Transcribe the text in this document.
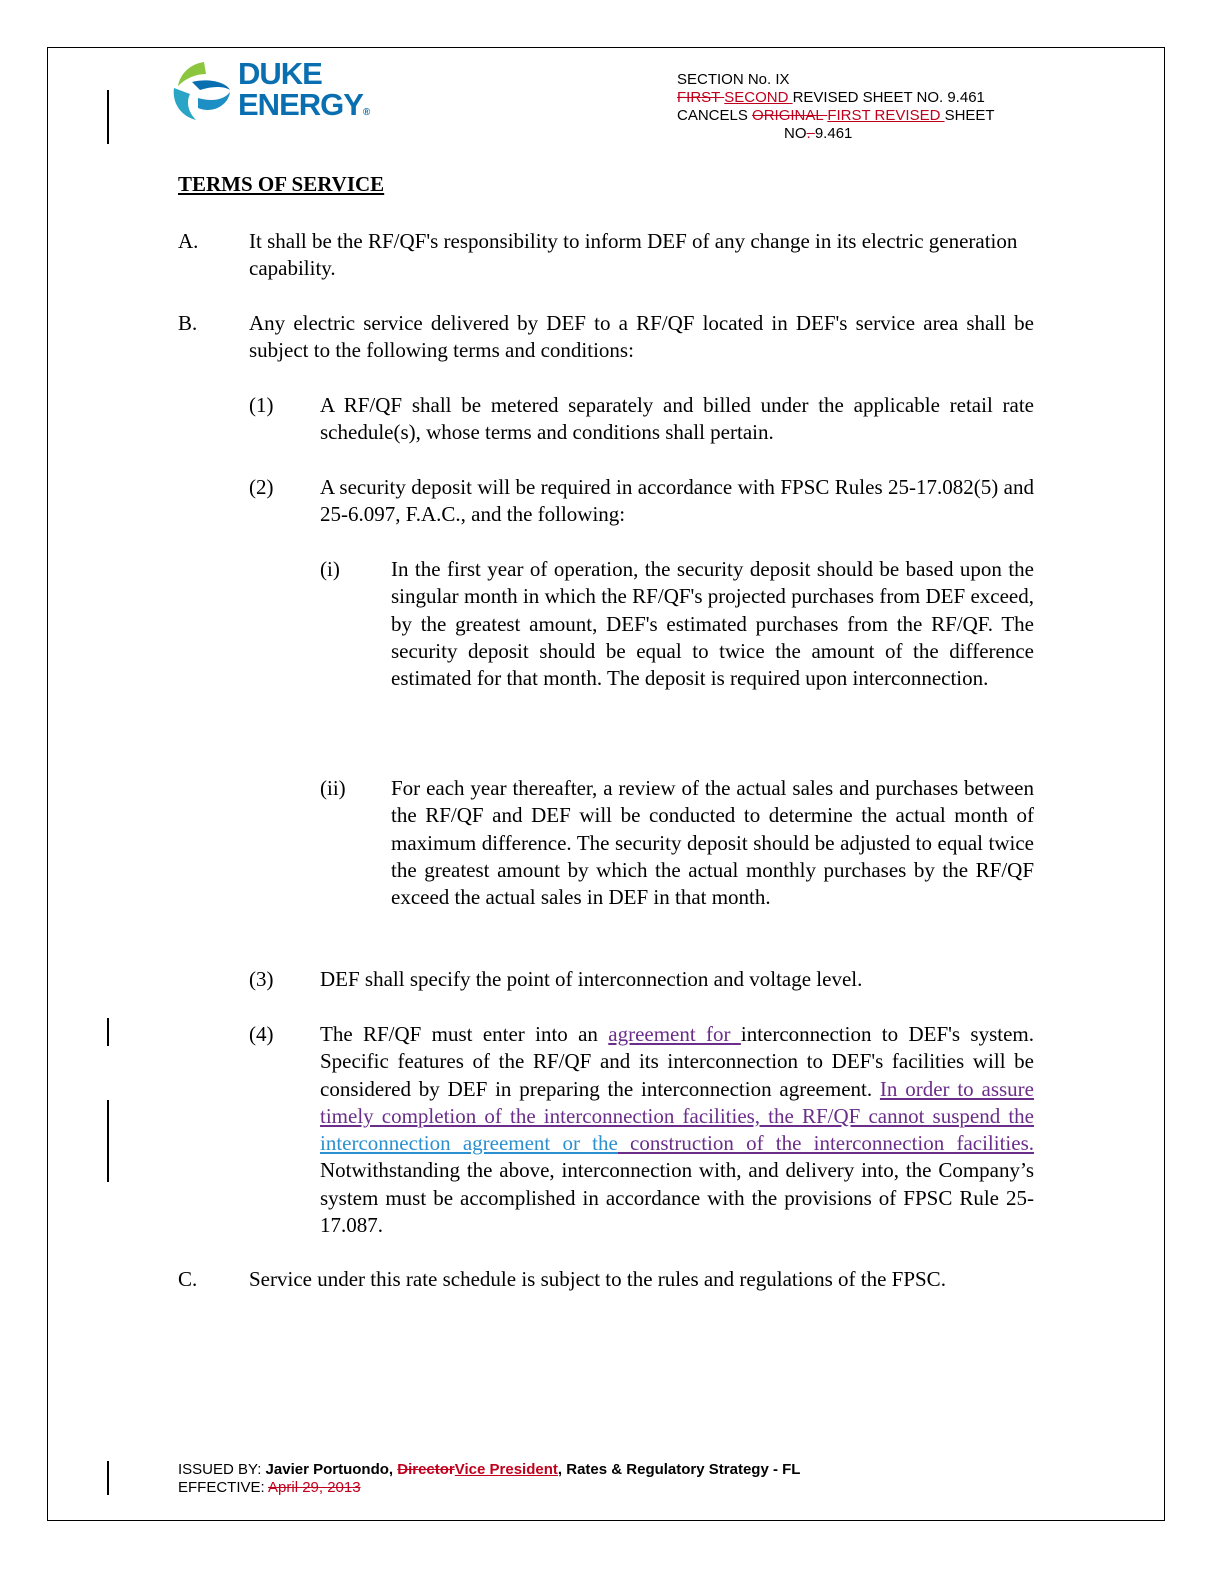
DUKE
ENERGY®
SECTION No. IX
FIRST SECOND REVISED SHEET NO. 9.461
CANCELS ORIGINAL FIRST REVISED SHEET
NO. 9.461
TERMS OF SERVICE
A. It shall be the RF/QF's responsibility to inform DEF of any change in its electric generation capability.
B. Any electric service delivered by DEF to a RF/QF located in DEF's service area shall be subject to the following terms and conditions:
(1) A RF/QF shall be metered separately and billed under the applicable retail rate schedule(s), whose terms and conditions shall pertain.
(2) A security deposit will be required in accordance with FPSC Rules 25-17.082(5) and 25-6.097, F.A.C., and the following:
(i) In the first year of operation, the security deposit should be based upon the singular month in which the RF/QF's projected purchases from DEF exceed, by the greatest amount, DEF's estimated purchases from the RF/QF. The security deposit should be equal to twice the amount of the difference estimated for that month. The deposit is required upon interconnection.
(ii) For each year thereafter, a review of the actual sales and purchases between the RF/QF and DEF will be conducted to determine the actual month of maximum difference. The security deposit should be adjusted to equal twice the greatest amount by which the actual monthly purchases by the RF/QF exceed the actual sales in DEF in that month.
(3) DEF shall specify the point of interconnection and voltage level.
(4) The RF/QF must enter into an agreement for interconnection to DEF's system. Specific features of the RF/QF and its interconnection to DEF's facilities will be considered by DEF in preparing the interconnection agreement. In order to assure timely completion of the interconnection facilities, the RF/QF cannot suspend the interconnection agreement or the construction of the interconnection facilities. Notwithstanding the above, interconnection with, and delivery into, the Company’s system must be accomplished in accordance with the provisions of FPSC Rule 25-17.087.
C. Service under this rate schedule is subject to the rules and regulations of the FPSC.
ISSUED BY: Javier Portuondo, DirectorVice President, Rates & Regulatory Strategy - FL
EFFECTIVE: April 29, 2013
